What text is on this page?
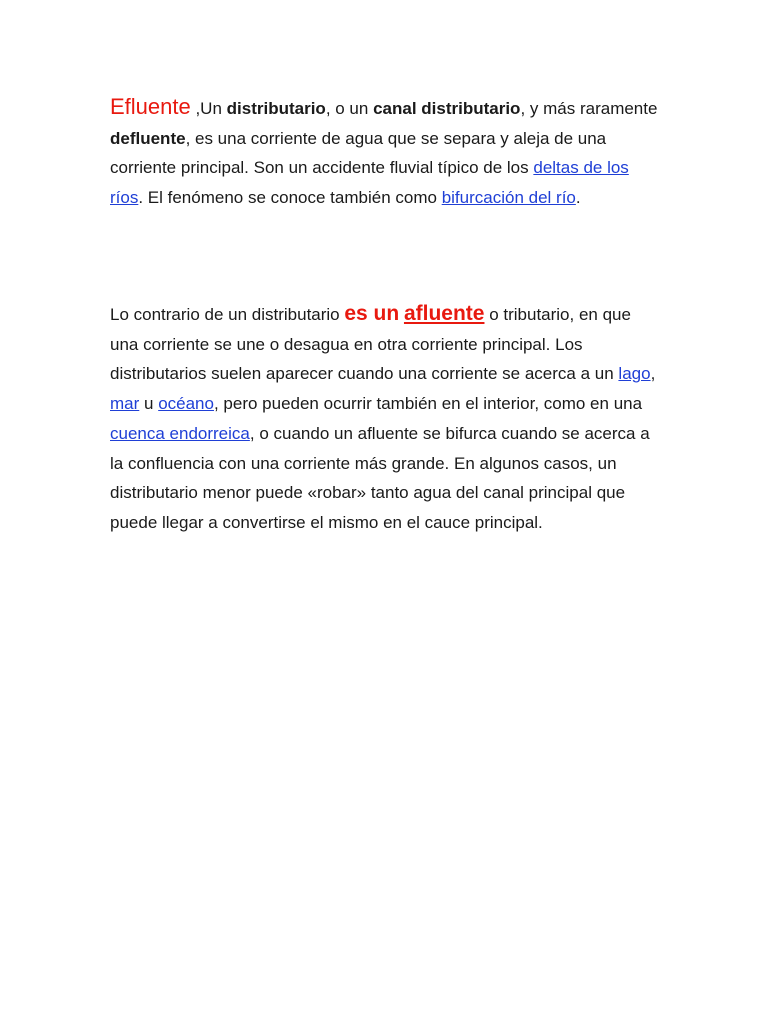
Efluente ,Un distributario, o un canal distributario, y más raramente defluente, es una corriente de agua que se separa y aleja de una corriente principal. Son un accidente fluvial típico de los deltas de los ríos. El fenómeno se conoce también como bifurcación del río.

Lo contrario de un distributario es un afluente o tributario, en que una corriente se une o desagua en otra corriente principal. Los distributarios suelen aparecer cuando una corriente se acerca a un lago, mar u océano, pero pueden ocurrir también en el interior, como en una cuenca endorreica, o cuando un afluente se bifurca cuando se acerca a la confluencia con una corriente más grande. En algunos casos, un distributario menor puede «robar» tanto agua del canal principal que puede llegar a convertirse el mismo en el cauce principal.
